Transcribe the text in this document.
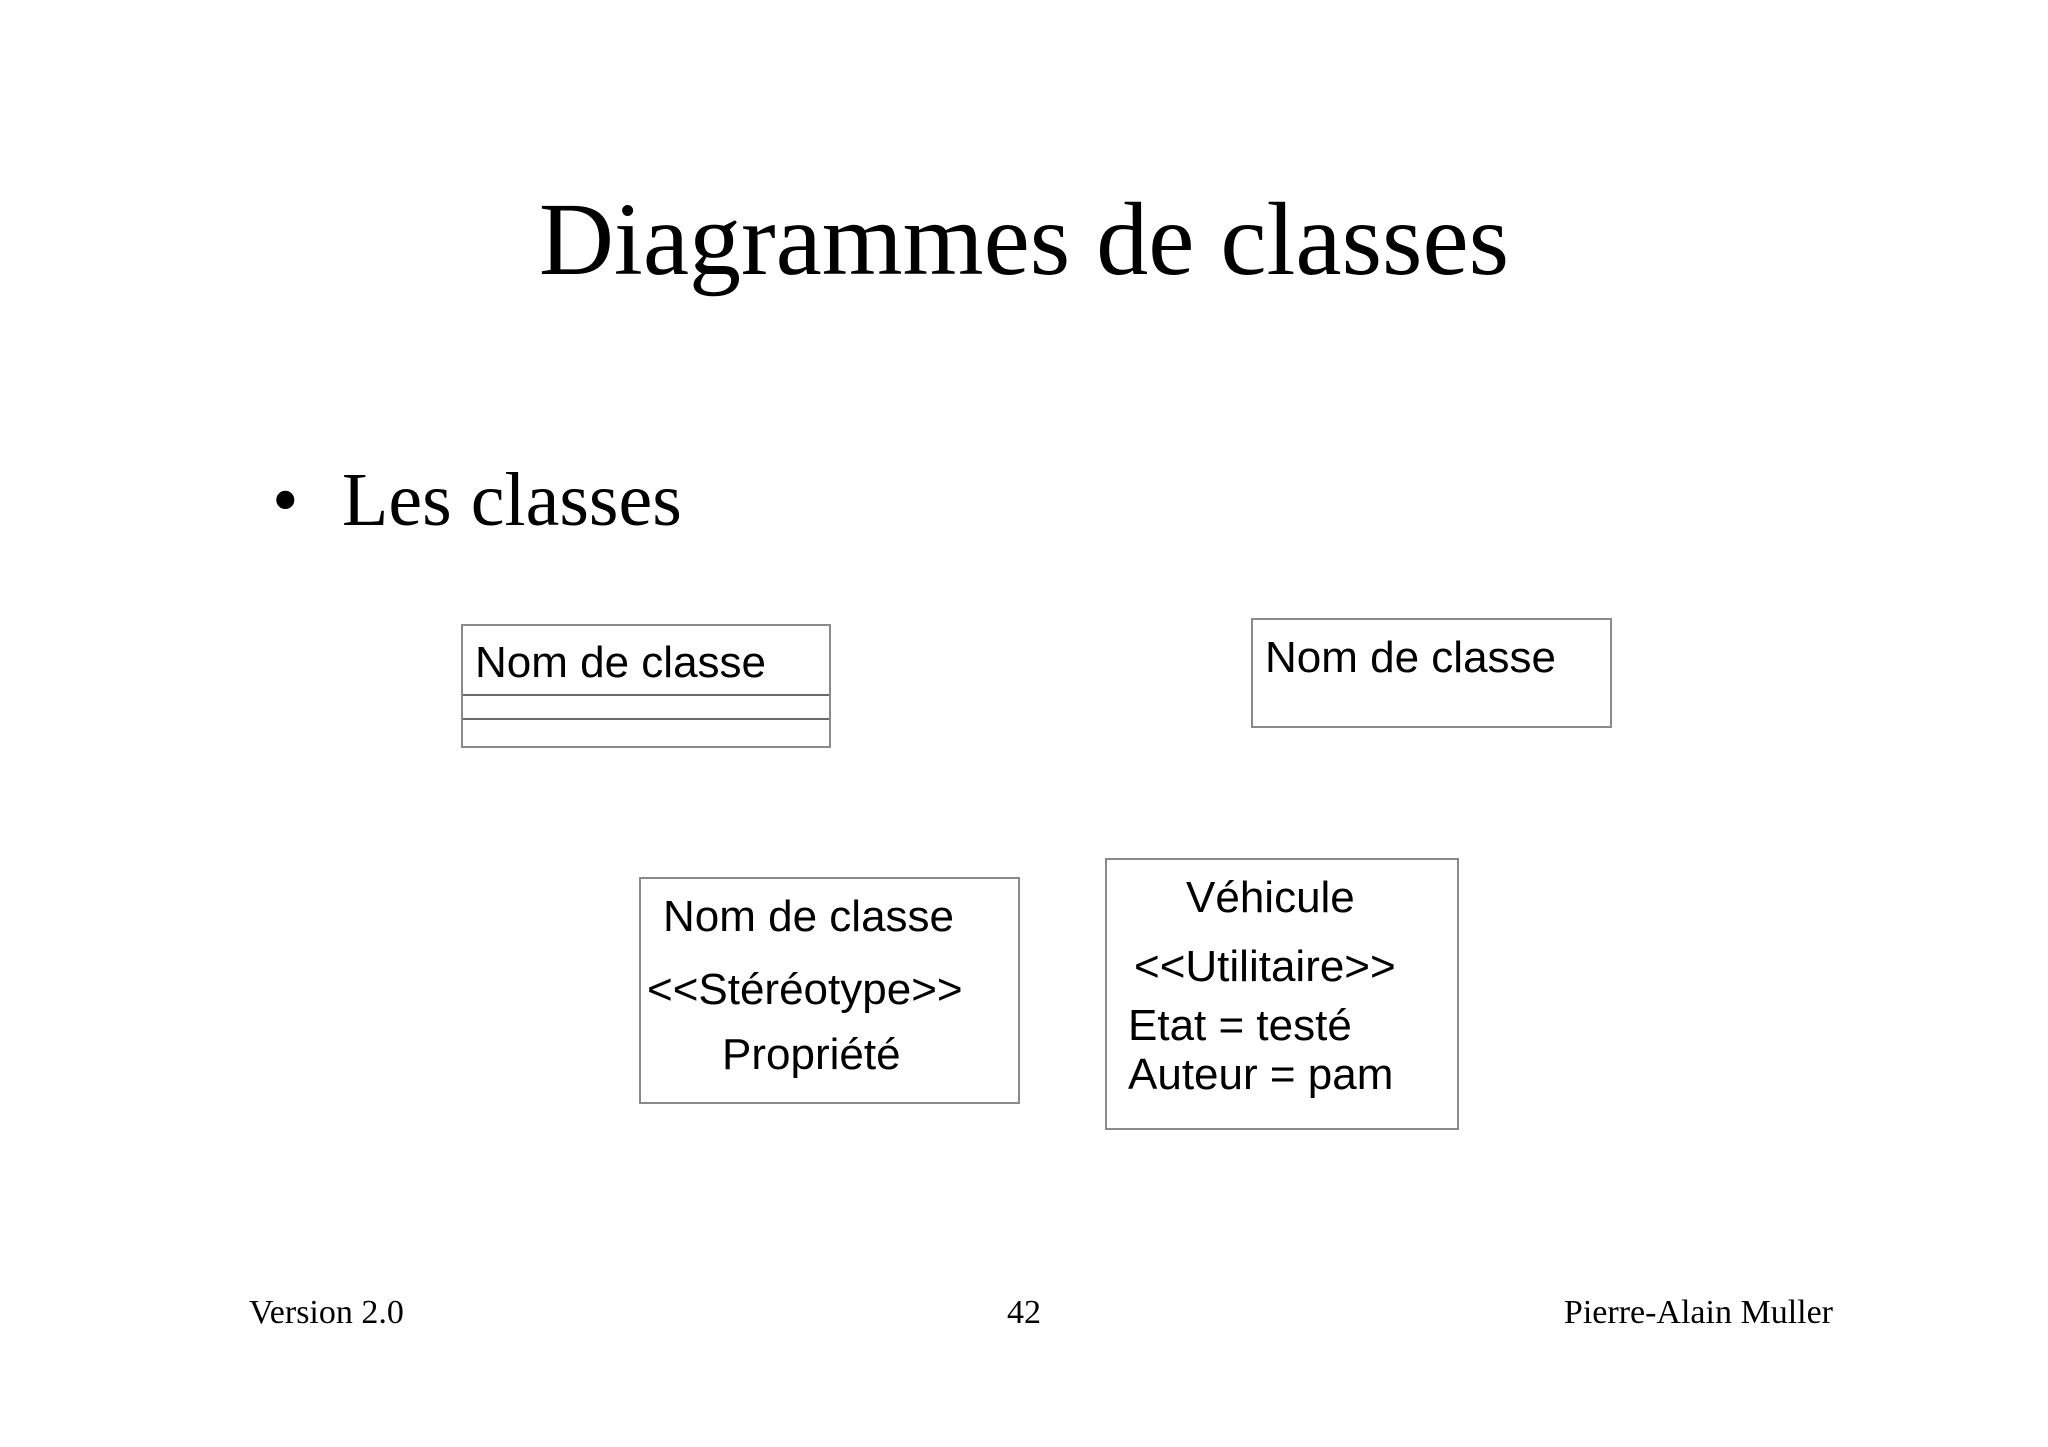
Diagrammes de classes
• Les classes
Nom de classe	Nom de classe
Nom de classe
<<Stéréotype>>
Propriété
Véhicule
<<Utilitaire>>
Etat = testé
Auteur = pam
Version 2.0	42	Pierre-Alain Muller
